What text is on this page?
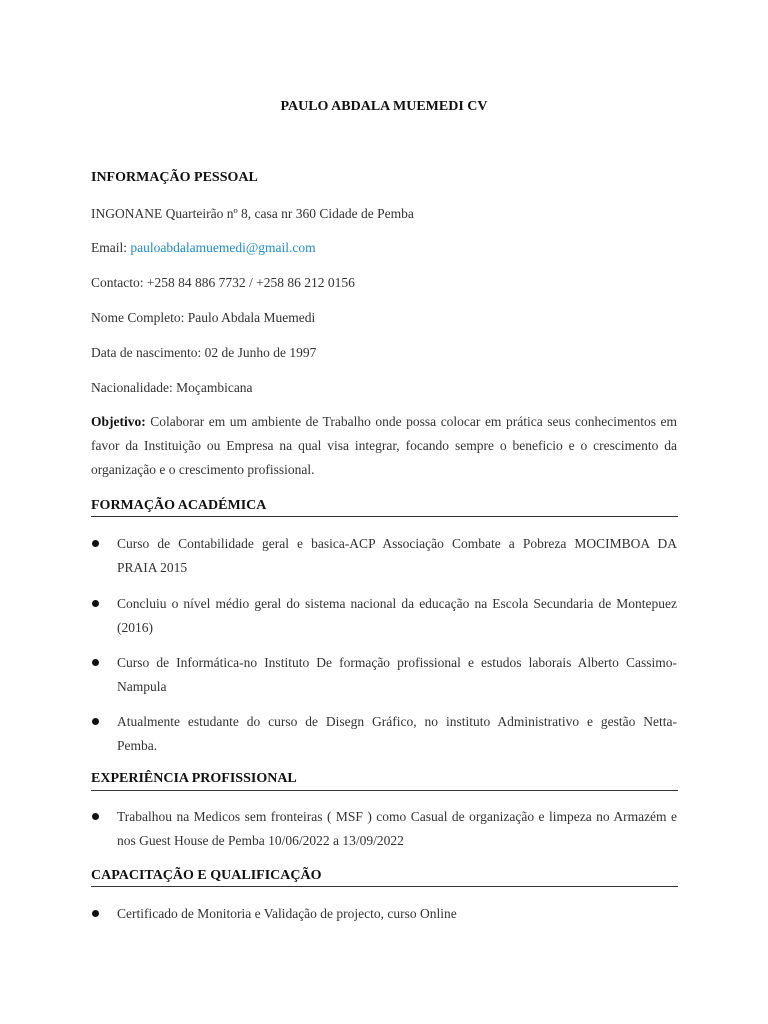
PAULO ABDALA MUEMEDI CV
INFORMAÇÃO PESSOAL
INGONANE Quarteirão nº 8, casa nr 360 Cidade de Pemba
Email: pauloabdalamuemedi@gmail.com
Contacto: +258 84 886 7732 / +258 86 212 0156
Nome Completo: Paulo Abdala Muemedi
Data de nascimento: 02 de Junho de 1997
Nacionalidade: Moçambicana
Objetivo: Colaborar em um ambiente de Trabalho onde possa colocar em prática seus conhecimentos em
favor da Instituição ou Empresa na qual visa integrar, focando sempre o beneficio e o crescimento da
organização e o crescimento profissional.
FORMAÇÃO ACADÉMICA
Curso de Contabilidade geral e basica-ACP Associação Combate a Pobreza MOCIMBOA DA
PRAIA 2015
Concluiu o nível médio geral do sistema nacional da educação na Escola Secundaria de Montepuez
(2016)
Curso de Informática-no Instituto De formação profissional e estudos laborais Alberto Cassimo-
Nampula
Atualmente estudante do curso de Disegn Gráfico, no instituto Administrativo e gestão Netta-
Pemba.
EXPERIÊNCIA PROFISSIONAL
Trabalhou na Medicos sem fronteiras ( MSF ) como Casual de organização e limpeza no Armazém e
nos Guest House de Pemba 10/06/2022 a 13/09/2022
CAPACITAÇÃO E QUALIFICAÇÃO
Certificado de Monitoria e Validação de projecto, curso Online
